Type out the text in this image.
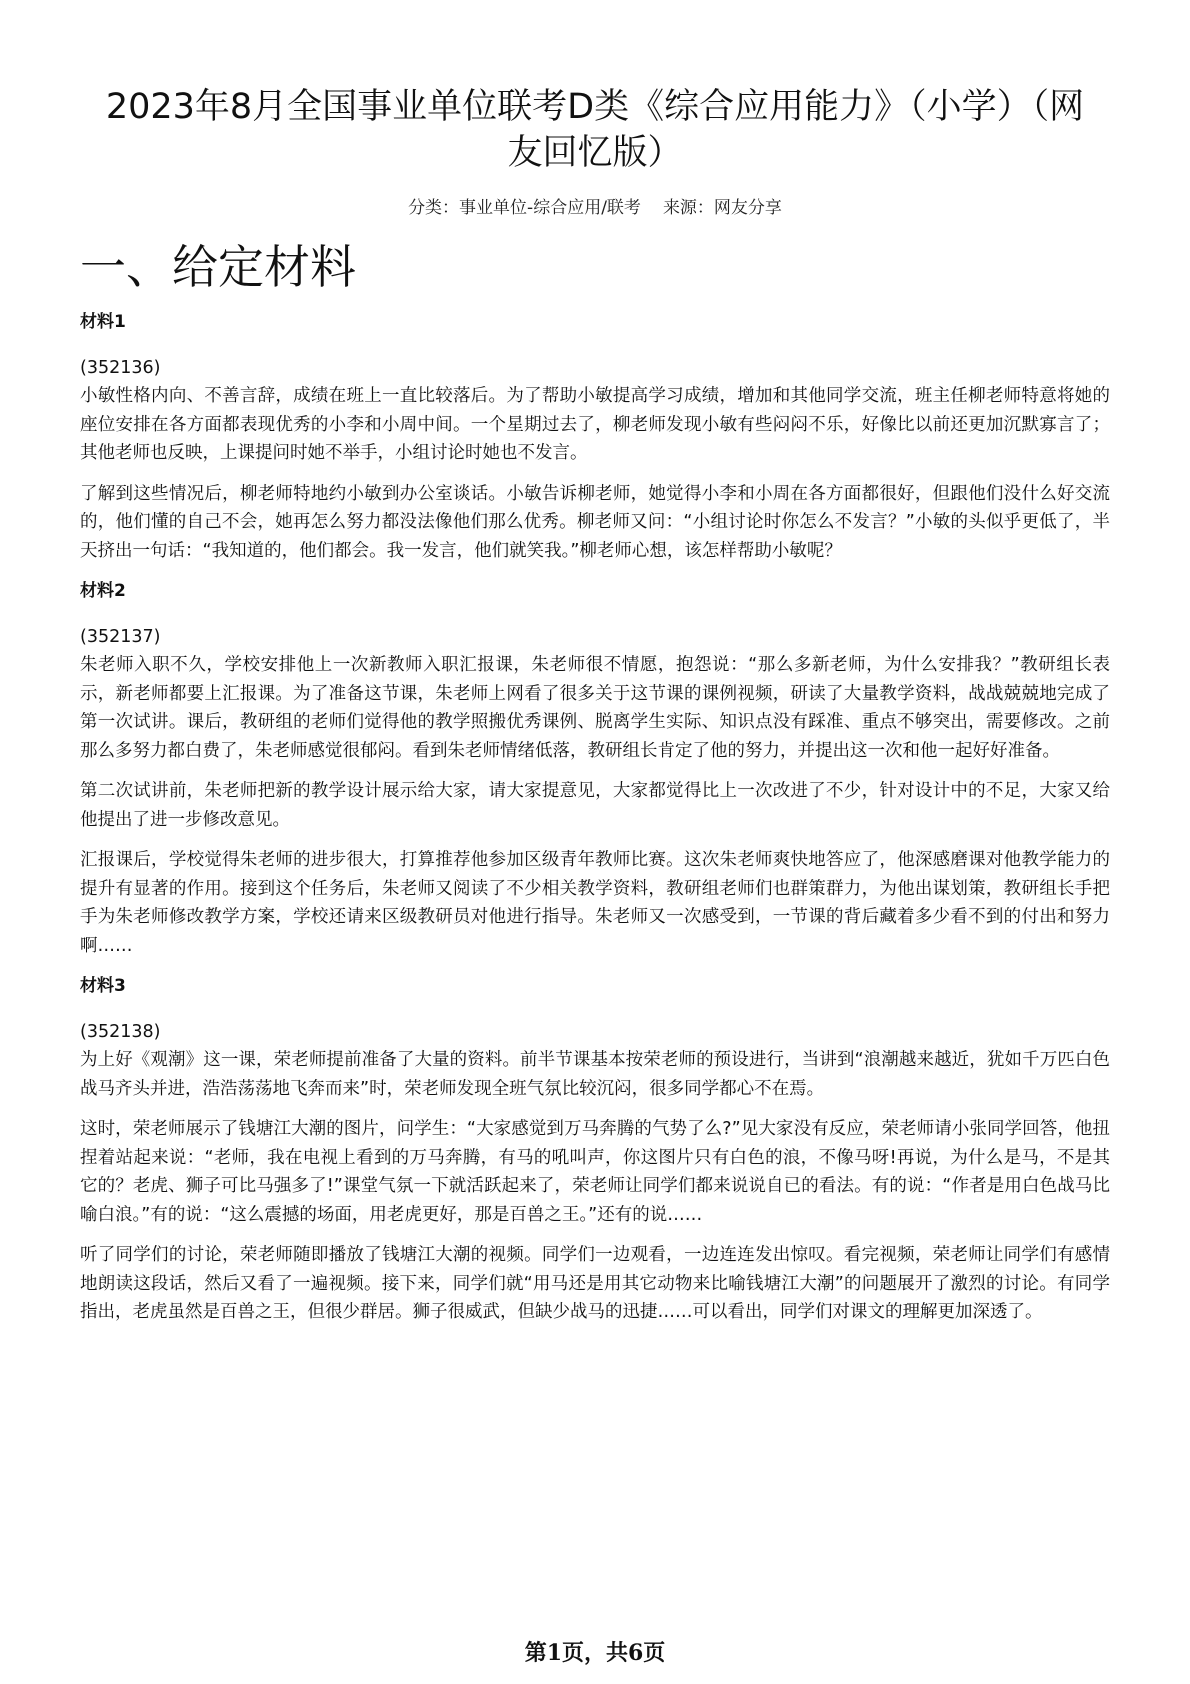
2023年8月全国事业单位联考D类《综合应用能力》（小学）（网友回忆版）
分类：事业单位-综合应用/联考 来源：网友分享
一、给定材料
材料1
(352136)

小敏性格内向、不善言辞，成绩在班上一直比较落后。为了帮助小敏提高学习成绩，增加和其他同学交流，班主任柳老师特意将她的座位安排在各方面都表现优秀的小李和小周中间。一个星期过去了，柳老师发现小敏有些闷闷不乐，好像比以前还更加沉默寡言了；其他老师也反映，上课提问时她不举手，小组讨论时她也不发言。

了解到这些情况后，柳老师特地约小敏到办公室谈话。小敏告诉柳老师，她觉得小李和小周在各方面都很好，但跟他们没什么好交流的，他们懂的自己不会，她再怎么努力都没法像他们那么优秀。柳老师又问：“小组讨论时你怎么不发言？”小敏的头似乎更低了，半天挤出一句话：“我知道的，他们都会。我一发言，他们就笑我。”柳老师心想，该怎样帮助小敏呢？

材料2
(352137)

朱老师入职不久，学校安排他上一次新教师入职汇报课，朱老师很不情愿，抱怨说：“那么多新老师，为什么安排我？”教研组长表示，新老师都要上汇报课。为了准备这节课，朱老师上网看了很多关于这节课的课例视频，研读了大量教学资料，战战兢兢地完成了第一次试讲。课后，教研组的老师们觉得他的教学照搬优秀课例、脱离学生实际、知识点没有踩准、重点不够突出，需要修改。之前那么多努力都白费了，朱老师感觉很郁闷。看到朱老师情绪低落，教研组长肯定了他的努力，并提出这一次和他一起好好准备。

第二次试讲前，朱老师把新的教学设计展示给大家，请大家提意见，大家都觉得比上一次改进了不少，针对设计中的不足，大家又给他提出了进一步修改意见。

汇报课后，学校觉得朱老师的进步很大，打算推荐他参加区级青年教师比赛。这次朱老师爽快地答应了，他深感磨课对他教学能力的提升有显著的作用。接到这个任务后，朱老师又阅读了不少相关教学资料，教研组老师们也群策群力，为他出谋划策，教研组长手把手为朱老师修改教学方案，学校还请来区级教研员对他进行指导。朱老师又一次感受到，一节课的背后藏着多少看不到的付出和努力啊……

材料3
(352138)

为上好《观潮》这一课，荣老师提前准备了大量的资料。前半节课基本按荣老师的预设进行，当讲到“浪潮越来越近，犹如千万匹白色战马齐头并进，浩浩荡荡地飞奔而来”时，荣老师发现全班气氛比较沉闷，很多同学都心不在焉。

这时，荣老师展示了钱塘江大潮的图片，问学生：“大家感觉到万马奔腾的气势了么?”见大家没有反应，荣老师请小张同学回答，他扭捏着站起来说：“老师，我在电视上看到的万马奔腾，有马的吼叫声，你这图片只有白色的浪，不像马呀!再说，为什么是马，不是其它的？老虎、狮子可比马强多了!”课堂气氛一下就活跃起来了，荣老师让同学们都来说说自已的看法。有的说：“作者是用白色战马比喻白浪。”有的说：“这么震撼的场面，用老虎更好，那是百兽之王。”还有的说……

听了同学们的讨论，荣老师随即播放了钱塘江大潮的视频。同学们一边观看，一边连连发出惊叹。看完视频，荣老师让同学们有感情地朗读这段话，然后又看了一遍视频。接下来，同学们就“用马还是用其它动物来比喻钱塘江大潮”的问题展开了激烈的讨论。有同学指出，老虎虽然是百兽之王，但很少群居。狮子很威武，但缺少战马的迅捷……可以看出，同学们对课文的理解更加深透了。

第1页，共6页
